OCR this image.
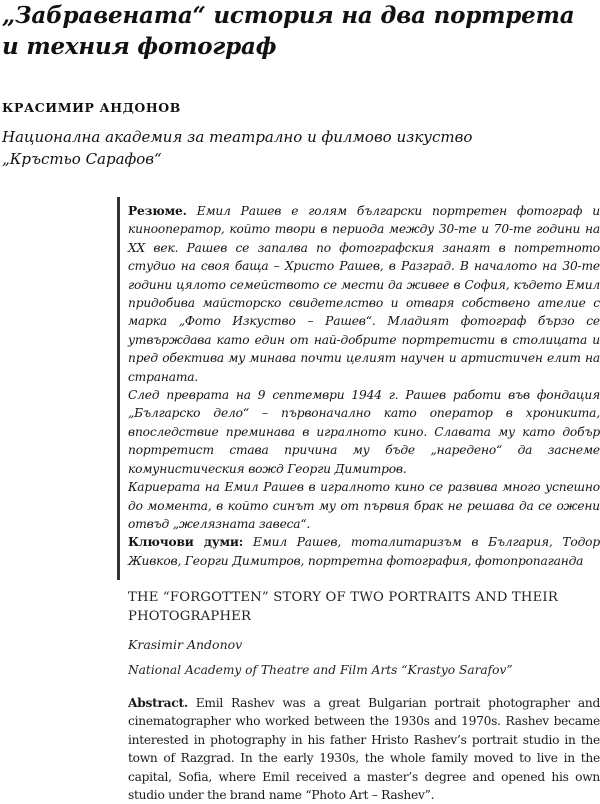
„Забравената“ история на два портрета
и техния фотограф
КРАСИМИР АНДОНОВ
Национална академия за театрално и филмово изкуство
„Кръстьо Сарафов“

Резюме. Емил Рашев е голям български портретен фотограф и кинооператор, който твори в периода между 30-те и 70-те години на XX век. Рашев се запалва по фотографския занаят в потретното студио на своя баща – Христо Рашев, в Разград. В началото на 30-те години цялото семейството се мести да живее в София, където Емил придобива майсторско свидетелство и отваря собствено ателие с марка „Фото Изкуство – Рашев“. Младият фотограф бързо се утвърждава като един от най-добрите портретисти в столицата и пред обектива му минава почти целият научен и артистичен елит на страната.

След превратa на 9 септември 1944 г. Рашев работи във фондация „Българско дело“ – първоначално като оператор в хроникита, впоследствие преминава в игралното кино. Славата му като добър портретист става причина му бъде „наредено“ да заснеме комунистическия вожд Георги Димитров.

Кариерата на Емил Рашев в игралното кино се развива много успешно до момента, в който синът му от първия брак не решава да се ожени отвъд „желязната завеса“.

Ключови думи: Емил Рашев, тоталитаризъм в България, Тодор Живков, Георги Димитров, портретна фотография, фотопропаганда

THE “FORGOTTEN” STORY OF TWO PORTRAITS AND THEIR
PHOTOGRAPHER
Krasimir Andonov
National Academy of Theatre and Film Arts “Krastyo Sarafov”
Abstract. Emil Rashev was a great Bulgarian portrait photographer and cinematographer who worked between the 1930s and 1970s. Rashev became interested in photography in his father Hristo Rashev’s portrait studio in the town of Razgrad. In the early 1930s, the whole family moved to live in the capital, Sofia, where Emil received a master’s degree and opened his own studio under the brand name “Photo Art – Rashev”.
